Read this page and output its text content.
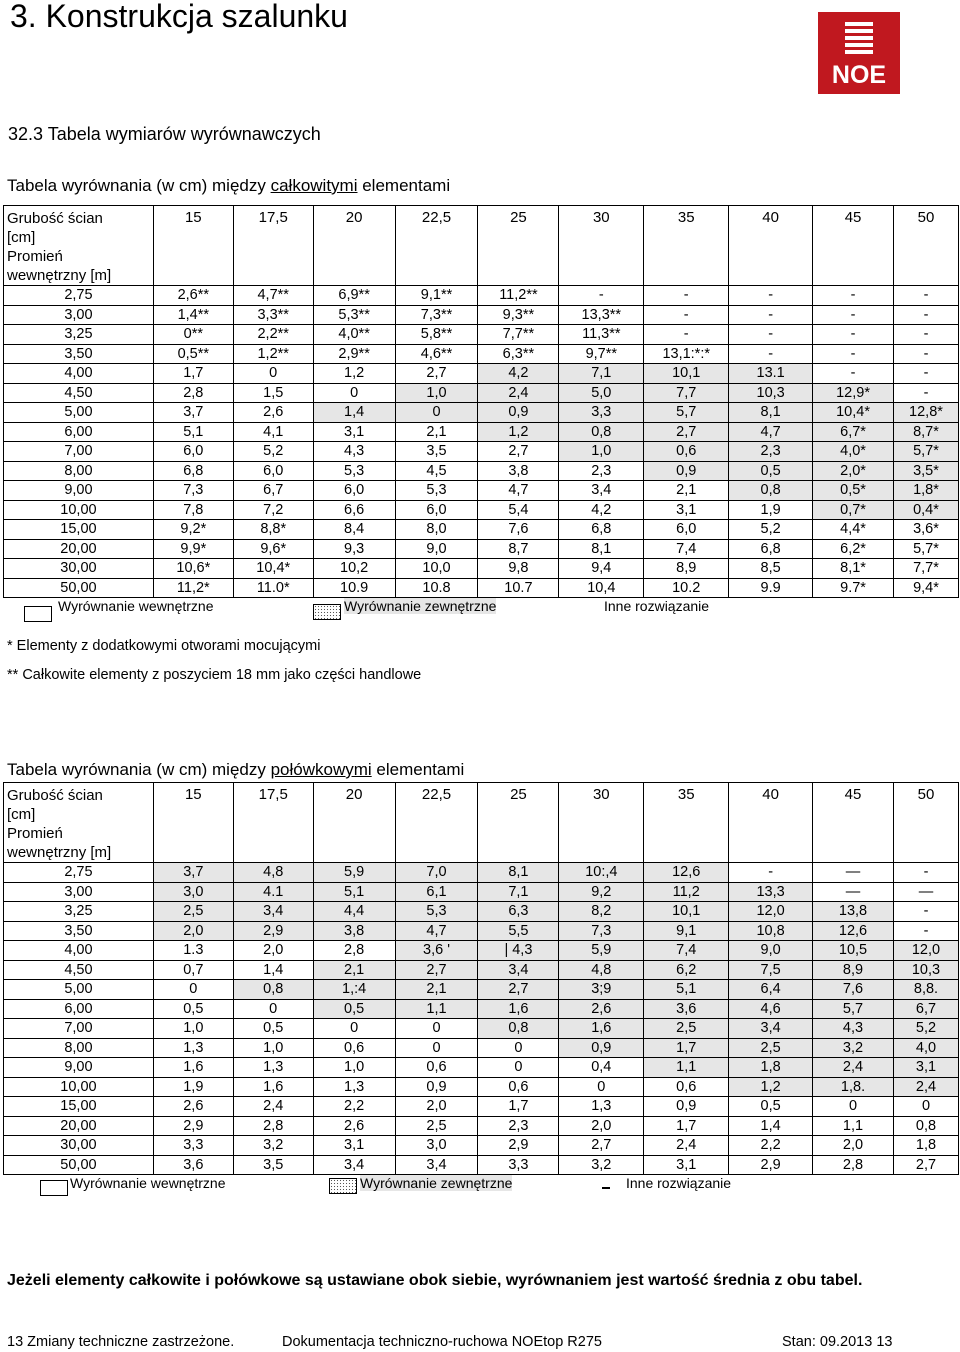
3. Konstrukcja szalunku
NOE
32.3 Tabela wymiarów wyrównawczych
Tabela wyrównania (w cm) między całkowitymi elementami
Grubość ścian
[cm]
Promień
wewnętrzny [m]	15	17,5	20	22,5	25	30	35	40	45	50
2,75	2,6**	4,7**	6,9**	9,1**	11,2**	-	-	-	-	-
3,00	1,4**	3,3**	5,3**	7,3**	9,3**	13,3**	-	-	-	-
3,25	0**	2,2**	4,0**	5,8**	7,7**	11,3**	-	-	-	-
3,50	0,5**	1,2**	2,9**	4,6**	6,3**	9,7**	13,1:*:*	-	-	-
4,00	1,7	0	1,2	2,7	4,2	7,1	10,1	13.1	-	-
4,50	2,8	1,5	0	1,0	2,4	5,0	7,7	10,3	12,9*	-
5,00	3,7	2,6	1,4	0	0,9	3,3	5,7	8,1	10,4*	12,8*
6,00	5,1	4,1	3,1	2,1	1,2	0,8	2,7	4,7	6,7*	8,7*
7,00	6,0	5,2	4,3	3,5	2,7	1,0	0,6	2,3	4,0*	5,7*
8,00	6,8	6,0	5,3	4,5	3,8	2,3	0,9	0,5	2,0*	3,5*
9,00	7,3	6,7	6,0	5,3	4,7	3,4	2,1	0,8	0,5*	1,8*
10,00	7,8	7,2	6,6	6,0	5,4	4,2	3,1	1,9	0,7*	0,4*
15,00	9,2*	8,8*	8,4	8,0	7,6	6,8	6,0	5,2	4,4*	3,6*
20,00	9,9*	9,6*	9,3	9,0	8,7	8,1	7,4	6,8	6,2*	5,7*
30,00	10,6*	10,4*	10,2	10,0	9,8	9,4	8,9	8,5	8,1*	7,7*
50,00	11,2*	11.0*	10.9	10.8	10.7	10,4	10.2	9.9	9.7*	9,4*
Wyrównanie wewnętrzne	Wyrównanie zewnętrzne	Inne rozwiązanie
* Elementy z dodatkowymi otworami mocującymi
** Całkowite elementy z poszyciem 18 mm jako części handlowe
Tabela wyrównania (w cm) między połówkowymi elementami
Grubość ścian
[cm]
Promień
wewnętrzny [m]	15	17,5	20	22,5	25	30	35	40	45	50
2,75	3,7	4,8	5,9	7,0	8,1	10:,4	12,6	-	—	-
3,00	3,0	4.1	5,1	6,1	7,1	9,2	11,2	13,3	—	—
3,25	2,5	3,4	4,4	5,3	6,3	8,2	10,1	12,0	13,8	-
3,50	2,0	2,9	3,8	4,7	5,5	7,3	9,1	10,8	12,6	-
4,00	1.3	2,0	2,8	3,6 '	| 4,3	5,9	7,4	9,0	10,5	12,0
4,50	0,7	1,4	2,1	2,7	3,4	4,8	6,2	7,5	8,9	10,3
5,00	0	0,8	1,:4	2,1	2,7	3;9	5,1	6,4	7,6	8,8.
6,00	0,5	0	0,5	1,1	1,6	2,6	3,6	4,6	5,7	6,7
7,00	1,0	0,5	0	0	0,8	1,6	2,5	3,4	4,3	5,2
8,00	1,3	1,0	0,6	0	0	0,9	1,7	2,5	3,2	4,0
9,00	1,6	1,3	1,0	0,6	0	0,4	1,1	1,8	2,4	3,1
10,00	1,9	1,6	1,3	0,9	0,6	0	0,6	1,2	1,8.	2,4
15,00	2,6	2,4	2,2	2,0	1,7	1,3	0,9	0,5	0	0
20,00	2,9	2,8	2,6	2,5	2,3	2,0	1,7	1,4	1,1	0,8
30,00	3,3	3,2	3,1	3,0	2,9	2,7	2,4	2,2	2,0	1,8
50,00	3,6	3,5	3,4	3,4	3,3	3,2	3,1	2,9	2,8	2,7
Wyrównanie wewnętrzne	Wyrównanie zewnętrzne	Inne rozwiązanie
Jeżeli elementy całkowite i połówkowe są ustawiane obok siebie, wyrównaniem jest wartość średnia z obu tabel.
13 Zmiany techniczne zastrzeżone.	Dokumentacja techniczno-ruchowa NOEtop R275	Stan: 09.2013 13
